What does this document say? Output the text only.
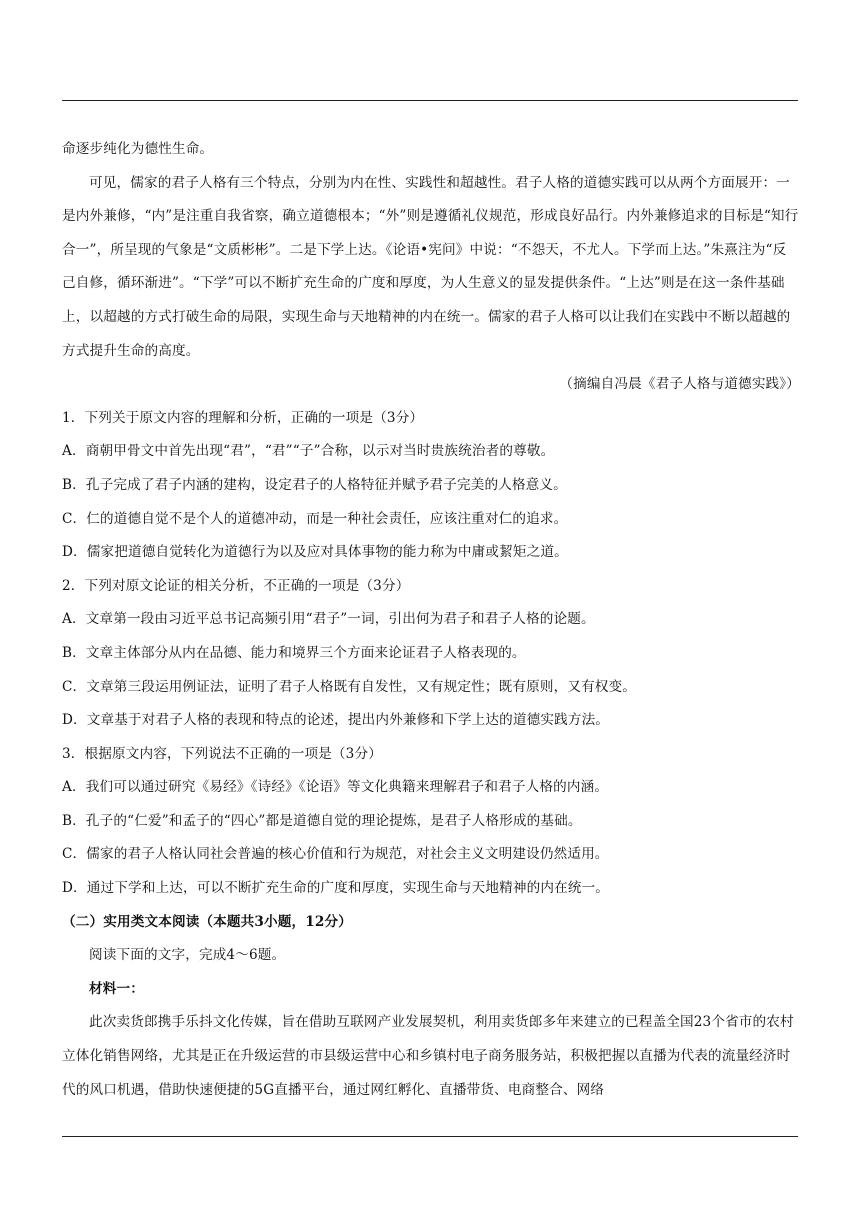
命逐步纯化为德性生命。

可见，儒家的君子人格有三个特点，分别为内在性、实践性和超越性。君子人格的道德实践可以从两个方面展开：一是内外兼修，“内”是注重自我省察，确立道德根本；“外”则是遵循礼仪规范，形成良好品行。内外兼修追求的目标是“知行合一”，所呈现的气象是“文质彬彬”。二是下学上达。《论语•宪问》中说：“不怨天，不尤人。下学而上达。”朱熹注为“反己自修，循环渐进”。“下学”可以不断扩充生命的广度和厚度，为人生意义的显发提供条件。“上达”则是在这一条件基础上，以超越的方式打破生命的局限，实现生命与天地精神的内在统一。儒家的君子人格可以让我们在实践中不断以超越的方式提升生命的高度。

（摘编自冯晨《君子人格与道德实践》）

1．下列关于原文内容的理解和分析，正确的一项是（3分）

A．商朝甲骨文中首先出现“君”，“君”“子”合称，以示对当时贵族统治者的尊敬。

B．孔子完成了君子内涵的建构，设定君子的人格特征并赋予君子完美的人格意义。

C．仁的道德自觉不是个人的道德冲动，而是一种社会责任，应该注重对仁的追求。

D．儒家把道德自觉转化为道德行为以及应对具体事物的能力称为中庸或絜矩之道。

2．下列对原文论证的相关分析，不正确的一项是（3分）

A．文章第一段由习近平总书记高频引用“君子”一词，引出何为君子和君子人格的论题。

B．文章主体部分从内在品德、能力和境界三个方面来论证君子人格表现的。

C．文章第三段运用例证法，证明了君子人格既有自发性，又有规定性；既有原则，又有权变。

D．文章基于对君子人格的表现和特点的论述，提出内外兼修和下学上达的道德实践方法。

3．根据原文内容，下列说法不正确的一项是（3分）

A．我们可以通过研究《易经》《诗经》《论语》等文化典籍来理解君子和君子人格的内涵。

B．孔子的“仁爱”和孟子的“四心”都是道德自觉的理论提炼，是君子人格形成的基础。

C．儒家的君子人格认同社会普遍的核心价值和行为规范，对社会主义文明建设仍然适用。

D．通过下学和上达，可以不断扩充生命的广度和厚度，实现生命与天地精神的内在统一。

（二）实用类文本阅读（本题共3小题，12分）

阅读下面的文字，完成4～6题。

材料一：

此次卖货郎携手乐抖文化传媒，旨在借助互联网产业发展契机，利用卖货郎多年来建立的已程盖全国23个省市的农村立体化销售网络，尤其是正在升级运营的市县级运营中心和乡镇村电子商务服务站，积极把握以直播为代表的流量经济时代的风口机遇，借助快速便捷的5G直播平台，通过网红孵化、直播带货、电商整合、网络
